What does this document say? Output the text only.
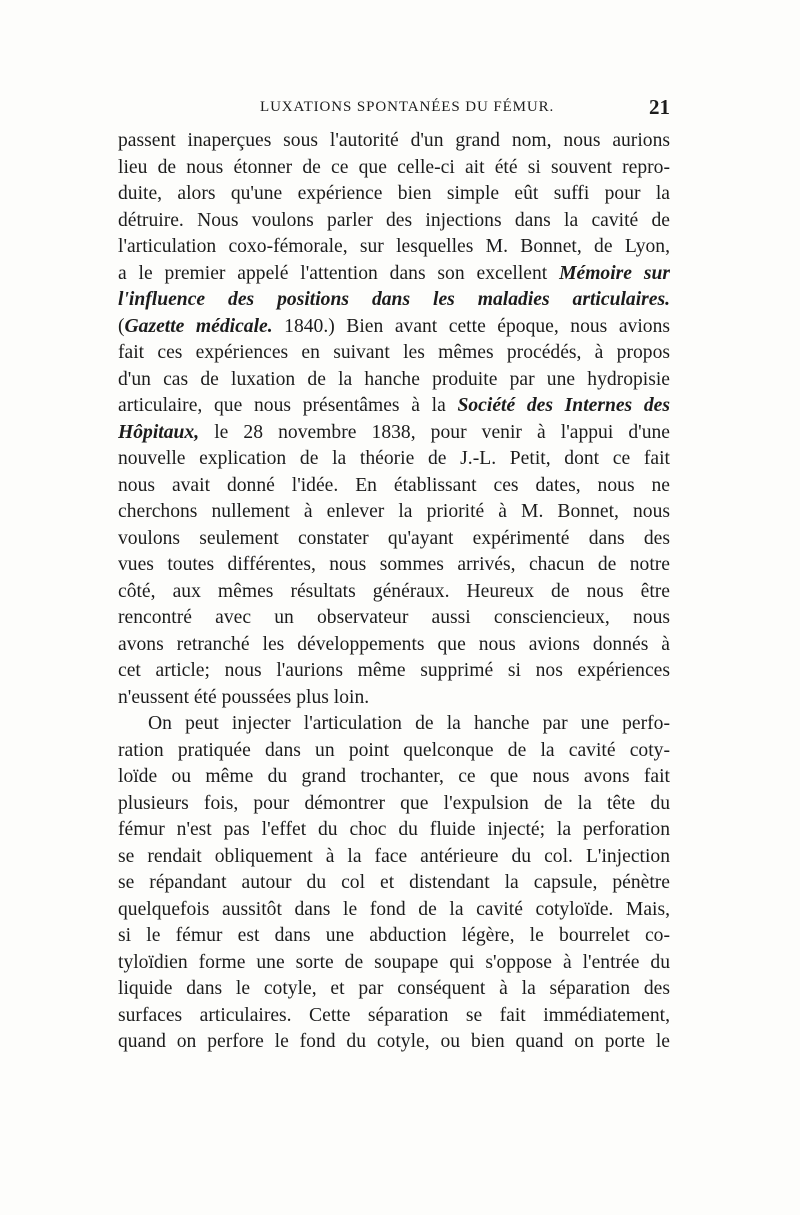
LUXATIONS SPONTANÉES DU FÉMUR.	21
passent inaperçues sous l'autorité d'un grand nom, nous aurions
lieu de nous étonner de ce que celle-ci ait été si souvent repro-
duite, alors qu'une expérience bien simple eût suffi pour la
détruire. Nous voulons parler des injections dans la cavité de
l'articulation coxo-fémorale, sur lesquelles M. Bonnet, de Lyon,
a le premier appelé l'attention dans son excellent Mémoire sur
l'influence des positions dans les maladies articulaires.
(Gazette médicale. 1840.) Bien avant cette époque, nous avions
fait ces expériences en suivant les mêmes procédés, à propos
d'un cas de luxation de la hanche produite par une hydropisie
articulaire, que nous présentâmes à la Société des Internes des
Hôpitaux, le 28 novembre 1838, pour venir à l'appui d'une
nouvelle explication de la théorie de J.-L. Petit, dont ce fait
nous avait donné l'idée. En établissant ces dates, nous ne
cherchons nullement à enlever la priorité à M. Bonnet, nous
voulons seulement constater qu'ayant expérimenté dans des
vues toutes différentes, nous sommes arrivés, chacun de notre
côté, aux mêmes résultats généraux. Heureux de nous être
rencontré avec un observateur aussi consciencieux, nous
avons retranché les développements que nous avions donnés à
cet article; nous l'aurions même supprimé si nos expériences
n'eussent été poussées plus loin.
On peut injecter l'articulation de la hanche par une perfo-
ration pratiquée dans un point quelconque de la cavité coty-
loïde ou même du grand trochanter, ce que nous avons fait
plusieurs fois, pour démontrer que l'expulsion de la tête du
fémur n'est pas l'effet du choc du fluide injecté; la perforation
se rendait obliquement à la face antérieure du col. L'injection
se répandant autour du col et distendant la capsule, pénètre
quelquefois aussitôt dans le fond de la cavité cotyloïde. Mais,
si le fémur est dans une abduction légère, le bourrelet co-
tyloïdien forme une sorte de soupape qui s'oppose à l'entrée du
liquide dans le cotyle, et par conséquent à la séparation des
surfaces articulaires. Cette séparation se fait immédiatement,
quand on perfore le fond du cotyle, ou bien quand on porte le
